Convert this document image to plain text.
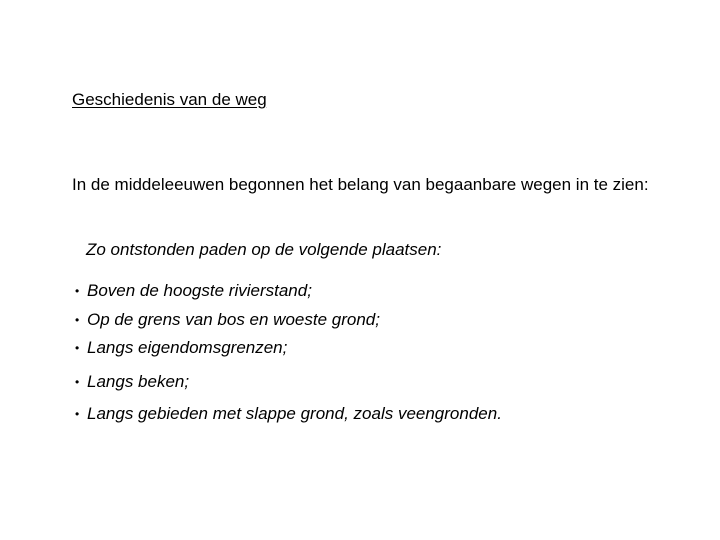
Geschiedenis van de weg
In de middeleeuwen begonnen het belang van begaanbare wegen in te zien:
Zo ontstonden paden op de volgende plaatsen:
• Boven de hoogste rivierstand;
• Op de grens van bos en woeste grond;
• Langs eigendomsgrenzen;
• Langs beken;
• Langs gebieden met slappe grond, zoals veengronden.
